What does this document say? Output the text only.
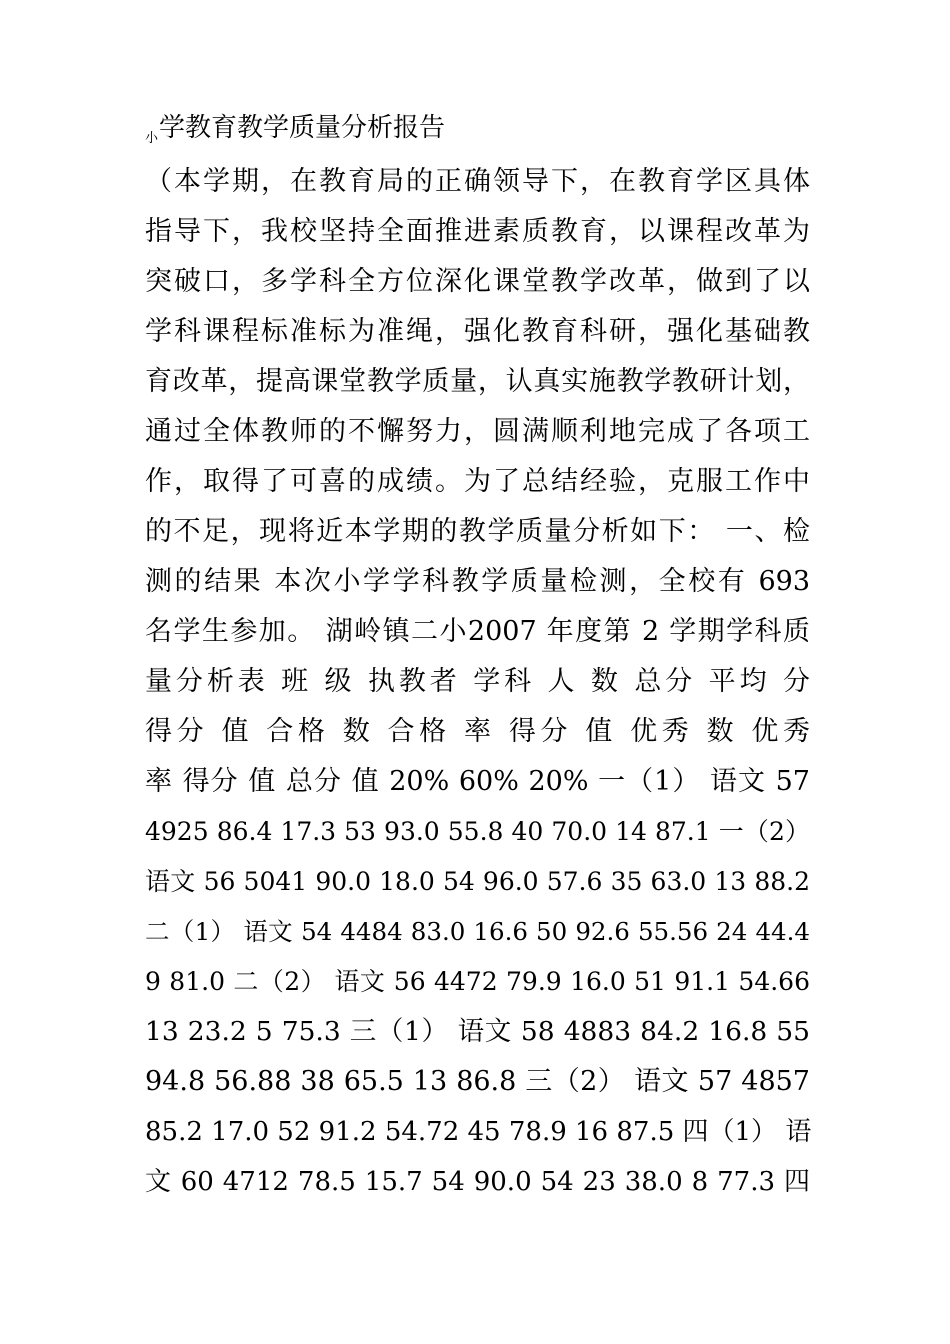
$_小$学教育教学质量分析报告
（本学期，在教育局的正确领导下，在教育学区具体
指导下，我校坚持全面推进素质教育，以课程改革为
突破口，多学科全方位深化课堂教学改革，做到了以
学科课程标准标为准绳，强化教育科研，强化基础教
育改革，提高课堂教学质量，认真实施教学教研计划，
通过全体教师的不懈努力，圆满顺利地完成了各项工
作，取得了可喜的成绩。为了总结经验，克服工作中
的不足，现将近本学期的教学质量分析如下： 一、检
测的结果 本次小学学科教学质量检测，全校有 693
名学生参加。 湖岭镇二小2007 年度第 2 学期学科质
量分析表 班 级 执教者 学科 人 数 总分 平均 分
得分 值 合格 数 合格 率 得分 值 优秀 数 优秀
率 得分 值 总分 值 20% 60% 20% 一（1） 语文 57
4925 86.4 17.3 53 93.0 55.8 40 70.0 14 87.1 一（2）
语文 56 5041 90.0 18.0 54 96.0 57.6 35 63.0 13 88.2
二（1） 语文 54 4484 83.0 16.6 50 92.6 55.56 24 44.4
9 81.0 二（2） 语文 56 4472 79.9 16.0 51 91.1 54.66
13 23.2 5 75.3 三（1） 语文 58 4883 84.2 16.8 55
94.8 56.88 38 65.5 13 86.8 三（2） 语文 57 4857
85.2 17.0 52 91.2 54.72 45 78.9 16 87.5 四（1） 语
文 60 4712 78.5 15.7 54 90.0 54 23 38.0 8 77.3 四
